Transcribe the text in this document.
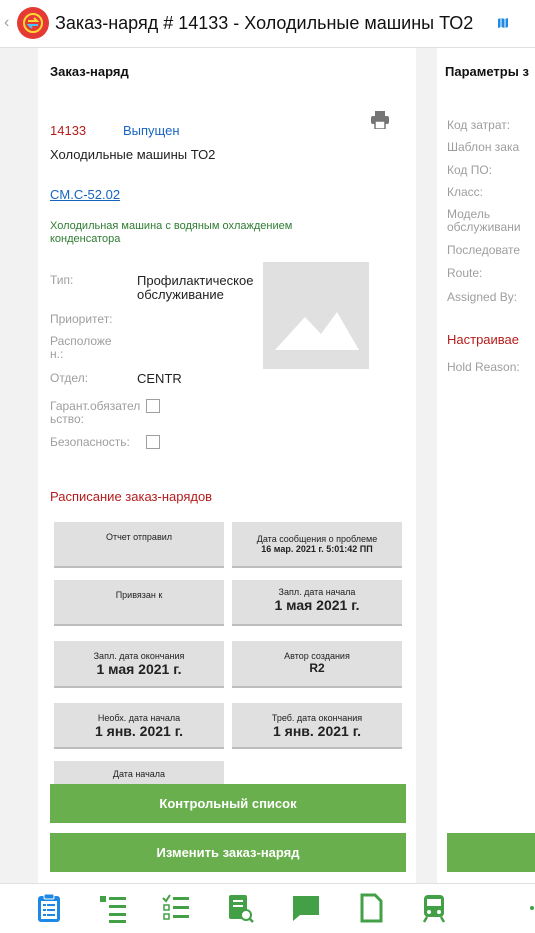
‹	Заказ-наряд # 14133 - Холодильные машины ТО2
Заказ-наряд
14133	Выпущен
Холодильные машины ТО2
CM.C-52.02
Холодильная машина с водяным охлаждением конденсатора
Тип:	Профилактическое обслуживание
Приоритет:
Расположен.:
Отдел:	CENTR
Гарант.обязательство:
Безопасность:
Расписание заказ-нарядов
Отчет отправил	Дата сообщения о проблеме
16 мар. 2021 г. 5:01:42 ПП
Привязан к	Запл. дата начала
1 мая 2021 г.
Запл. дата окончания
1 мая 2021 г.
Автор создания
R2
Необх. дата начала
1 янв. 2021 г.
Треб. дата окончания
1 янв. 2021 г.
Дата начала
Контрольный список
Изменить заказ-наряд
Параметры з
Код затрат:
Шаблон зака
Код ПО:
Класс:
Модель обслуживани
Последовате
Route:
Assigned By:
Настраивае
Hold Reason:
